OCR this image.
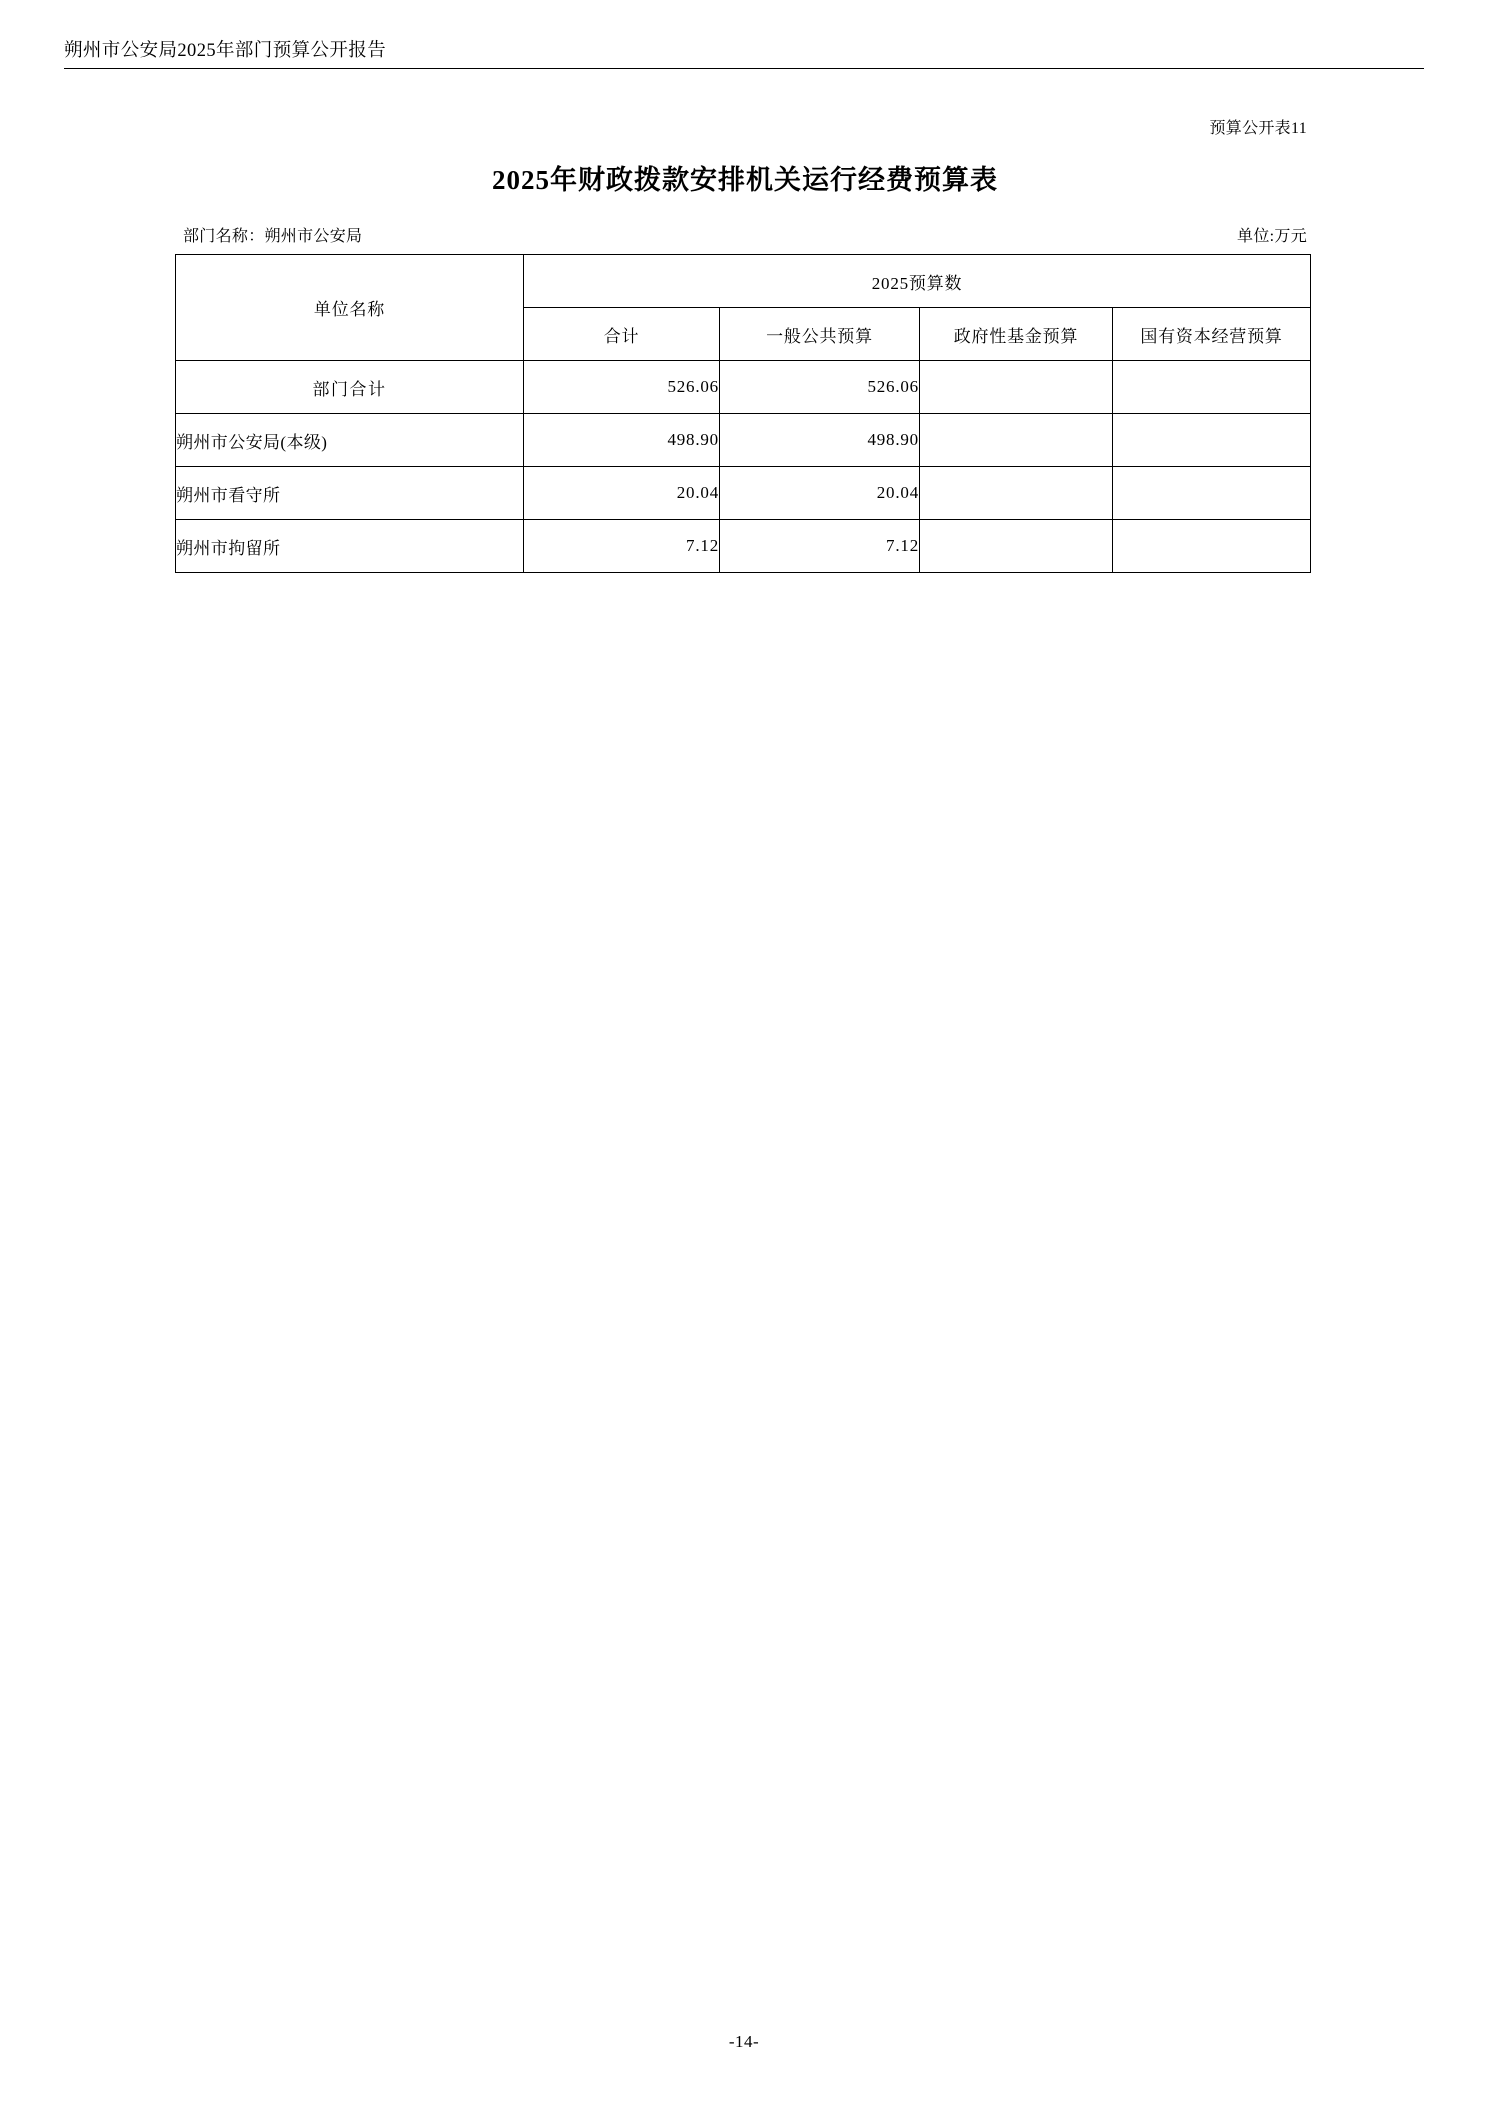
朔州市公安局2025年部门预算公开报告
预算公开表11
2025年财政拨款安排机关运行经费预算表
部门名称：朔州市公安局	单位:万元
单位名称	2025预算数			
	合计	一般公共预算	政府性基金预算	国有资本经营预算
部门合计	526.06	526.06		
朔州市公安局(本级)	498.90	498.90		
朔州市看守所	20.04	20.04		
朔州市拘留所	7.12	7.12		
-14-
